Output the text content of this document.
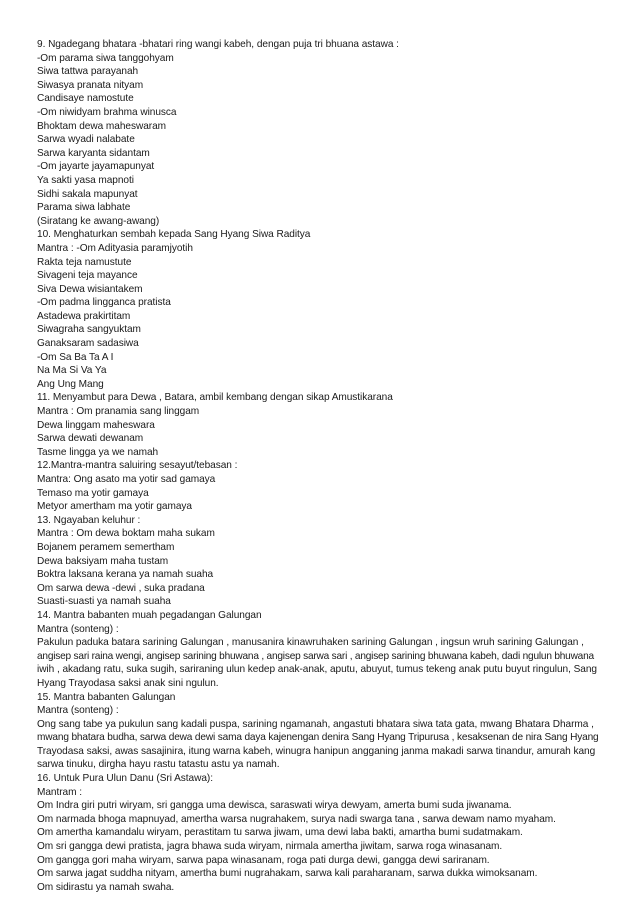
9. Ngadegang bhatara -bhatari ring wangi kabeh, dengan puja tri bhuana astawa :

-Om parama siwa tanggohyam

Siwa tattwa parayanah

Siwasya pranata nityam

Candisaye namostute

-Om niwidyam brahma winusca

Bhoktam dewa maheswaram

Sarwa wyadi nalabate

Sarwa karyanta sidantam

-Om jayarte jayamapunyat

Ya sakti yasa mapnoti

Sidhi sakala mapunyat

Parama siwa labhate

(Siratang ke awang-awang)

10. Menghaturkan sembah kepada Sang Hyang Siwa Raditya

Mantra : -Om Adityasia paramjyotih

Rakta teja namustute

Sivageni teja mayance

Siva Dewa wisiantakem

-Om padma lingganca pratista

Astadewa prakirtitam

Siwagraha sangyuktam

Ganaksaram sadasiwa

-Om Sa Ba Ta A I

Na Ma Si Va Ya

Ang Ung Mang

11. Menyambut para Dewa , Batara, ambil kembang dengan sikap Amustikarana

Mantra : Om pranamia sang linggam

Dewa linggam maheswara

Sarwa dewati dewanam

Tasme lingga ya we namah

12.Mantra-mantra saluiring sesayut/tebasan :

Mantra: Ong asato ma yotir sad gamaya

Temaso ma yotir gamaya

Metyor amertham ma yotir gamaya

13. Ngayaban keluhur :

Mantra : Om dewa boktam maha sukam

Bojanem peramem semertham

Dewa baksiyam maha tustam

Boktra laksana kerana ya namah suaha

Om sarwa dewa -dewi , suka pradana

Suasti-suasti ya namah suaha

14. Mantra babanten muah pegadangan Galungan

Mantra (sonteng) :

Pakulun paduka batara sarining Galungan , manusanira kinawruhaken sarining Galungan , ingsun wruh sarining Galungan ,

angisep sari raina wengi, angisep sarining bhuwana , angisep sarwa sari , angisep sarining bhuwana kabeh, dadi ngulun bhuwana

iwih , akadang ratu, suka sugih, sariraning ulun kedep anak-anak, aputu, abuyut, tumus tekeng anak putu buyut ringulun, Sang

Hyang Trayodasa saksi anak sini ngulun.

15. Mantra babanten Galungan

Mantra (sonteng) :

Ong sang tabe ya pukulun sang kadali puspa, sarining ngamanah, angastuti bhatara siwa tata gata, mwang Bhatara Dharma ,

mwang bhatara budha, sarwa dewa dewi sama daya kajenengan denira Sang Hyang Tripurusa , kesaksenan de nira Sang Hyang

Trayodasa saksi, awas sasajinira, itung warna kabeh, winugra hanipun angganing janma makadi sarwa tinandur, amurah kang

sarwa tinuku, dirgha hayu rastu tatastu astu ya namah.

16. Untuk Pura Ulun Danu (Sri Astawa):

Mantram :

Om Indra giri putri wiryam, sri gangga uma dewisca, saraswati wirya dewyam, amerta bumi suda jiwanama.

Om narmada bhoga mapnuyad, amertha warsa nugrahakem, surya nadi swarga tana , sarwa dewam namo myaham.

Om amertha kamandalu wiryam, perastitam tu sarwa jiwam, uma dewi laba bakti, amartha bumi sudatmakam.

Om sri gangga dewi pratista, jagra bhawa suda wiryam, nirmala amertha jiwitam, sarwa roga winasanam.

Om gangga gori maha wiryam, sarwa papa winasanam, roga pati durga dewi, gangga dewi sariranam.

Om sarwa jagat suddha nityam, amertha bumi nugrahakam, sarwa kali paraharanam, sarwa dukka wimoksanam.

Om sidirastu ya namah swaha.
